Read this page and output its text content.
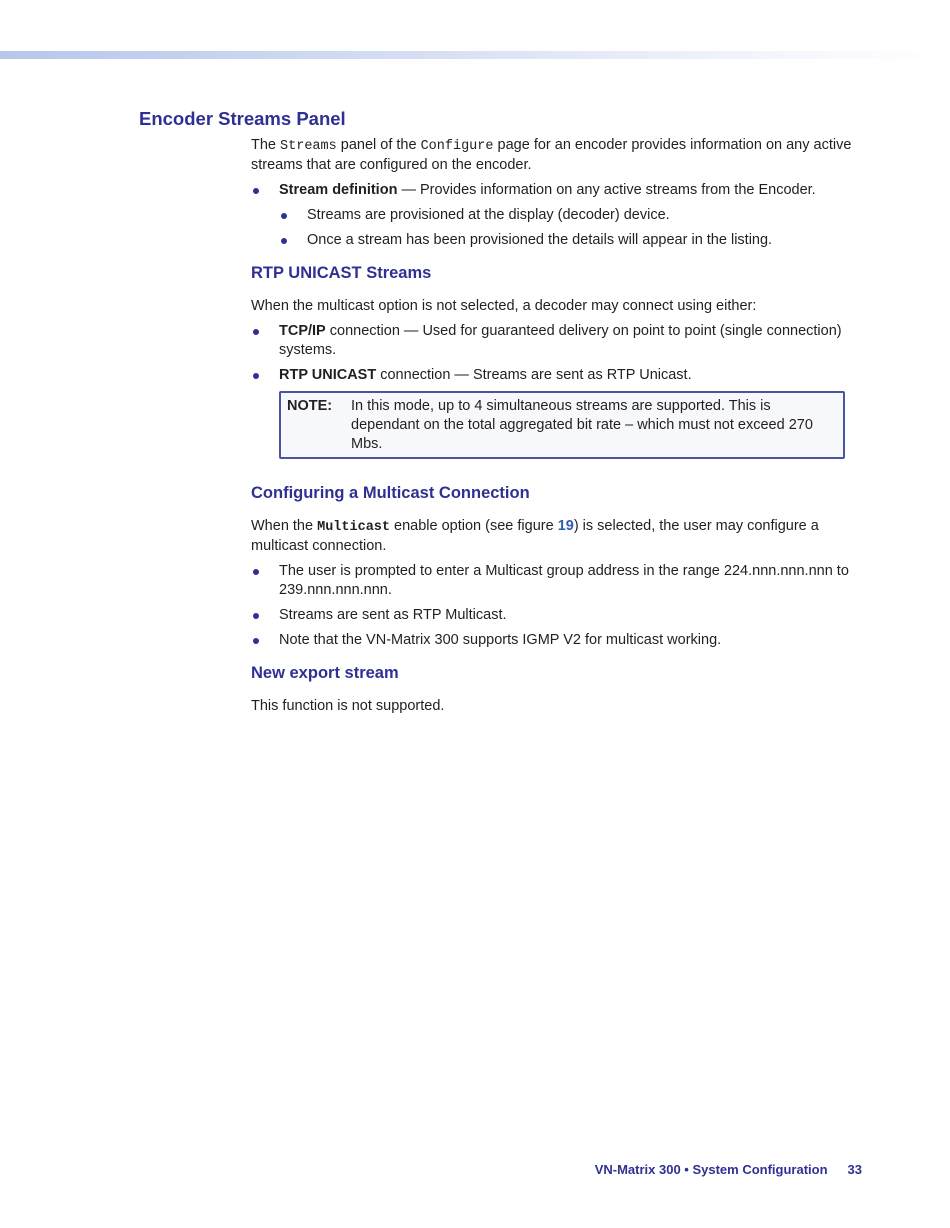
Encoder Streams Panel

The Streams panel of the Configure page for an encoder provides information on any active streams that are configured on the encoder.

Stream definition — Provides information on any active streams from the Encoder.
Streams are provisioned at the display (decoder) device.
Once a stream has been provisioned the details will appear in the listing.
RTP UNICAST Streams

When the multicast option is not selected, a decoder may connect using either:

TCP/IP connection — Used for guaranteed delivery on point to point (single connection) systems.
RTP UNICAST connection — Streams are sent as RTP Unicast.
NOTE:	In this mode, up to 4 simultaneous streams are supported. This is dependant on the total aggregated bit rate – which must not exceed 270 Mbs.
Configuring a Multicast Connection

When the Multicast enable option (see figure 19) is selected, the user may configure a multicast connection.

The user is prompted to enter a Multicast group address in the range 224.nnn.nnn.nnn to 239.nnn.nnn.nnn.
Streams are sent as RTP Multicast.
Note that the VN-Matrix 300 supports IGMP V2 for multicast working.
New export stream

This function is not supported.

VN-Matrix 300 • System Configuration 33
